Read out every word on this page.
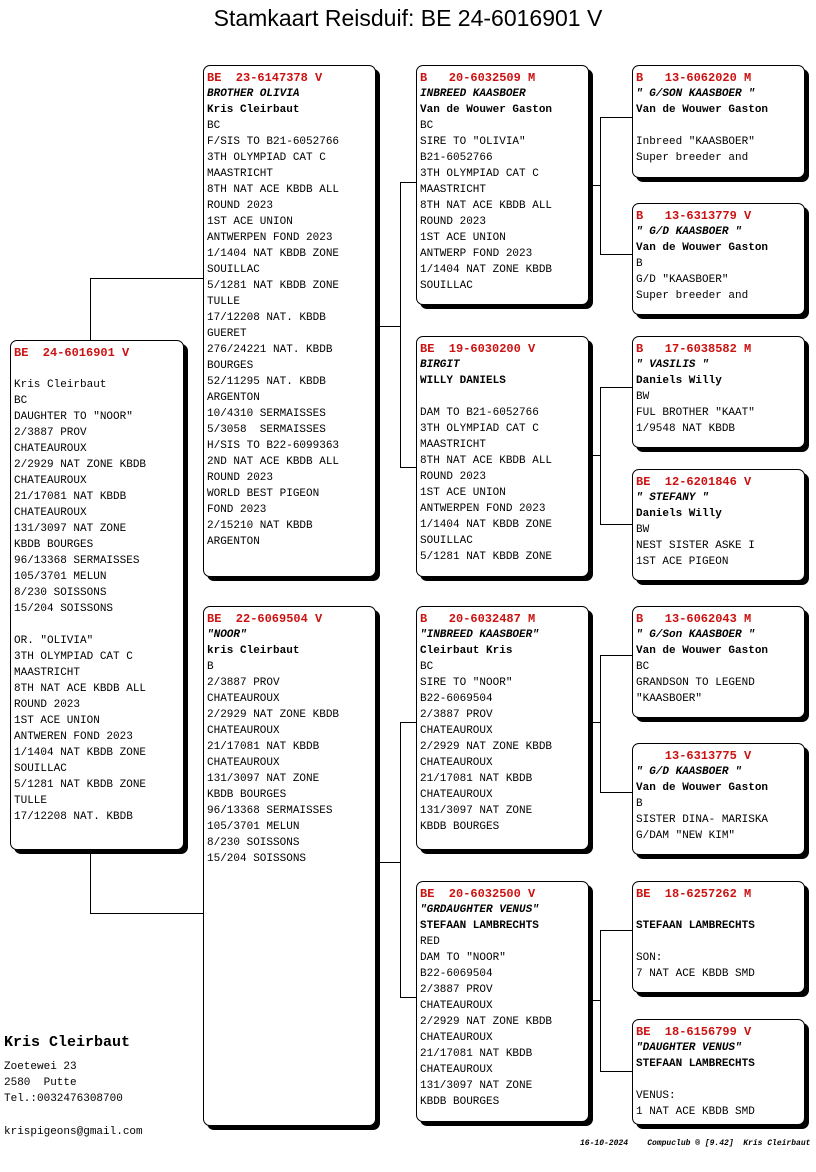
Stamkaart Reisduif: BE 24-6016901 V
BE  24-6016901 V
Kris Cleirbaut
BC
DAUGHTER TO "NOOR"
2/3887 PROV
CHATEAUROUX
2/2929 NAT ZONE KBDB
CHATEAUROUX
21/17081 NAT KBDB
CHATEAUROUX
131/3097 NAT ZONE
KBDB BOURGES
96/13368 SERMAISSES
105/3701 MELUN
8/230 SOISSONS
15/204 SOISSONS
OR. "OLIVIA"
3TH OLYMPIAD CAT C
MAASTRICHT
8TH NAT ACE KBDB ALL
ROUND 2023
1ST ACE UNION
ANTWEREN FOND 2023
1/1404 NAT KBDB ZONE
SOUILLAC
5/1281 NAT KBDB ZONE
TULLE
17/12208 NAT. KBDB
BE  23-6147378 V
BROTHER OLIVIA
Kris Cleirbaut
BC
F/SIS TO B21-6052766
3TH OLYMPIAD CAT C
MAASTRICHT
8TH NAT ACE KBDB ALL
ROUND 2023
1ST ACE UNION
ANTWERPEN FOND 2023
1/1404 NAT KBDB ZONE
SOUILLAC
5/1281 NAT KBDB ZONE
TULLE
17/12208 NAT. KBDB
GUERET
276/24221 NAT. KBDB
BOURGES
52/11295 NAT. KBDB
ARGENTON
10/4310 SERMAISSES
5/3058  SERMAISSES
H/SIS TO B22-6099363
2ND NAT ACE KBDB ALL
ROUND 2023
WORLD BEST PIGEON
FOND 2023
2/15210 NAT KBDB
ARGENTON
BE  22-6069504 V
"NOOR"
kris Cleirbaut
B
2/3887 PROV
CHATEAUROUX
2/2929 NAT ZONE KBDB
CHATEAUROUX
21/17081 NAT KBDB
CHATEAUROUX
131/3097 NAT ZONE
KBDB BOURGES
96/13368 SERMAISSES
105/3701 MELUN
8/230 SOISSONS
15/204 SOISSONS
B   20-6032509 M
INBREED KAASBOER
Van de Wouwer Gaston
BC
SIRE TO "OLIVIA"
B21-6052766
3TH OLYMPIAD CAT C
MAASTRICHT
8TH NAT ACE KBDB ALL
ROUND 2023
1ST ACE UNION
ANTWERP FOND 2023
1/1404 NAT ZONE KBDB
SOUILLAC
BE  19-6030200 V
BIRGIT
WILLY DANIELS
DAM TO B21-6052766
3TH OLYMPIAD CAT C
MAASTRICHT
8TH NAT ACE KBDB ALL
ROUND 2023
1ST ACE UNION
ANTWERPEN FOND 2023
1/1404 NAT KBDB ZONE
SOUILLAC
5/1281 NAT KBDB ZONE
B   20-6032487 M
"INBREED KAASBOER"
Cleirbaut Kris
BC
SIRE TO "NOOR"
B22-6069504
2/3887 PROV
CHATEAUROUX
2/2929 NAT ZONE KBDB
CHATEAUROUX
21/17081 NAT KBDB
CHATEAUROUX
131/3097 NAT ZONE
KBDB BOURGES
BE  20-6032500 V
"GRDAUGHTER VENUS"
STEFAAN LAMBRECHTS
RED
DAM TO "NOOR"
B22-6069504
2/3887 PROV
CHATEAUROUX
2/2929 NAT ZONE KBDB
CHATEAUROUX
21/17081 NAT KBDB
CHATEAUROUX
131/3097 NAT ZONE
KBDB BOURGES
B   13-6062020 M
" G/SON KAASBOER "
Van de Wouwer Gaston
Inbreed "KAASBOER"
Super breeder and
B   13-6313779 V
" G/D KAASBOER "
Van de Wouwer Gaston
B
G/D "KAASBOER"
Super breeder and
B   17-6038582 M
" VASILIS "
Daniels Willy
BW
FUL BROTHER "KAAT"
1/9548 NAT KBDB
BE  12-6201846 V
" STEFANY "
Daniels Willy
BW
NEST SISTER ASKE I
1ST ACE PIGEON
B   13-6062043 M
" G/Son KAASBOER "
Van de Wouwer Gaston
BC
GRANDSON TO LEGEND
"KAASBOER"
13-6313775 V
" G/D KAASBOER "
Van de Wouwer Gaston
B
SISTER DINA- MARISKA
G/DAM "NEW KIM"
BE  18-6257262 M
STEFAAN LAMBRECHTS
SON:
7 NAT ACE KBDB SMD
BE  18-6156799 V
"DAUGHTER VENUS"
STEFAAN LAMBRECHTS
VENUS:
1 NAT ACE KBDB SMD
Kris Cleirbaut
Zoetewei 23
2580  Putte
Tel.:0032476308700
krispigeons@gmail.com
16-10-2024    Compuclub ® [9.42]  Kris Cleirbaut
